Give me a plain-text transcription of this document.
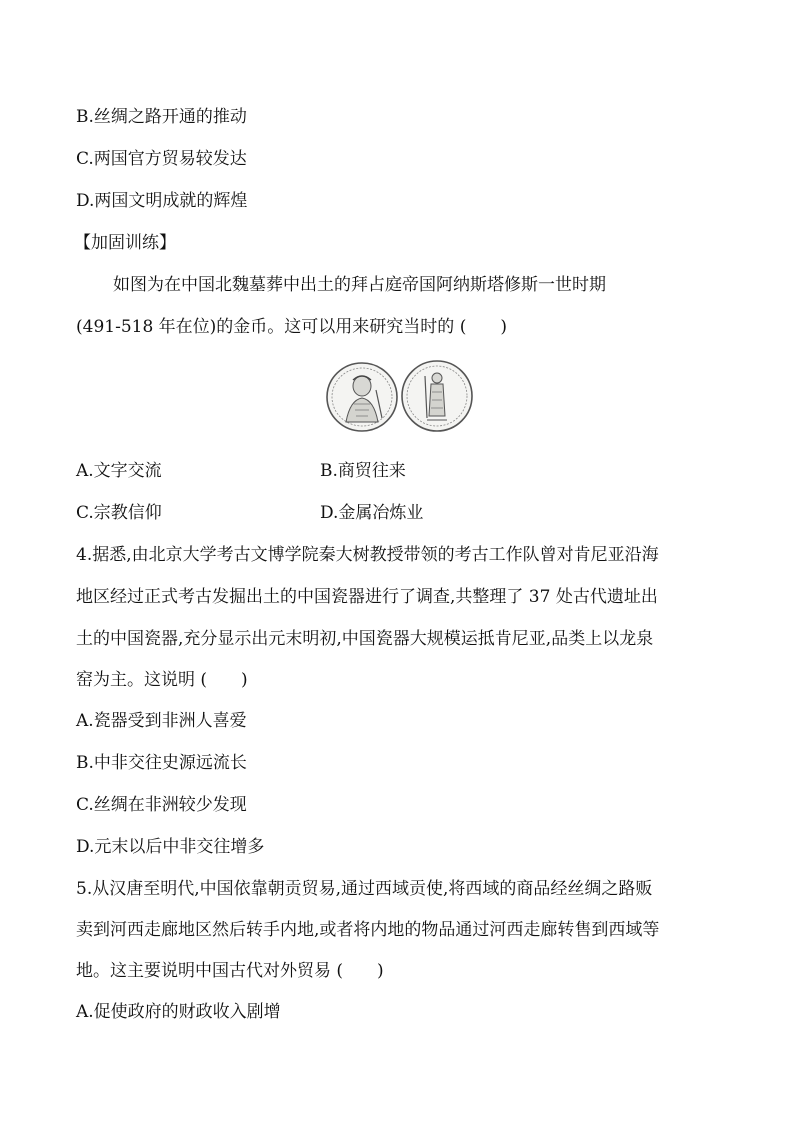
B.丝绸之路开通的推动
C.两国官方贸易较发达
D.两国文明成就的辉煌
【加固训练】
如图为在中国北魏墓葬中出土的拜占庭帝国阿纳斯塔修斯一世时期
(491-518 年在位)的金币。这可以用来研究当时的 (　　)
A.文字交流	B.商贸往来
C.宗教信仰	D.金属冶炼业
4.据悉,由北京大学考古文博学院秦大树教授带领的考古工作队曾对肯尼亚沿海
地区经过正式考古发掘出土的中国瓷器进行了调查,共整理了 37 处古代遗址出
土的中国瓷器,充分显示出元末明初,中国瓷器大规模运抵肯尼亚,品类上以龙泉
窑为主。这说明 (　　)
A.瓷器受到非洲人喜爱
B.中非交往史源远流长
C.丝绸在非洲较少发现
D.元末以后中非交往增多
5.从汉唐至明代,中国依靠朝贡贸易,通过西域贡使,将西域的商品经丝绸之路贩
卖到河西走廊地区然后转手内地,或者将内地的物品通过河西走廊转售到西域等
地。这主要说明中国古代对外贸易 (　　)
A.促使政府的财政收入剧增
